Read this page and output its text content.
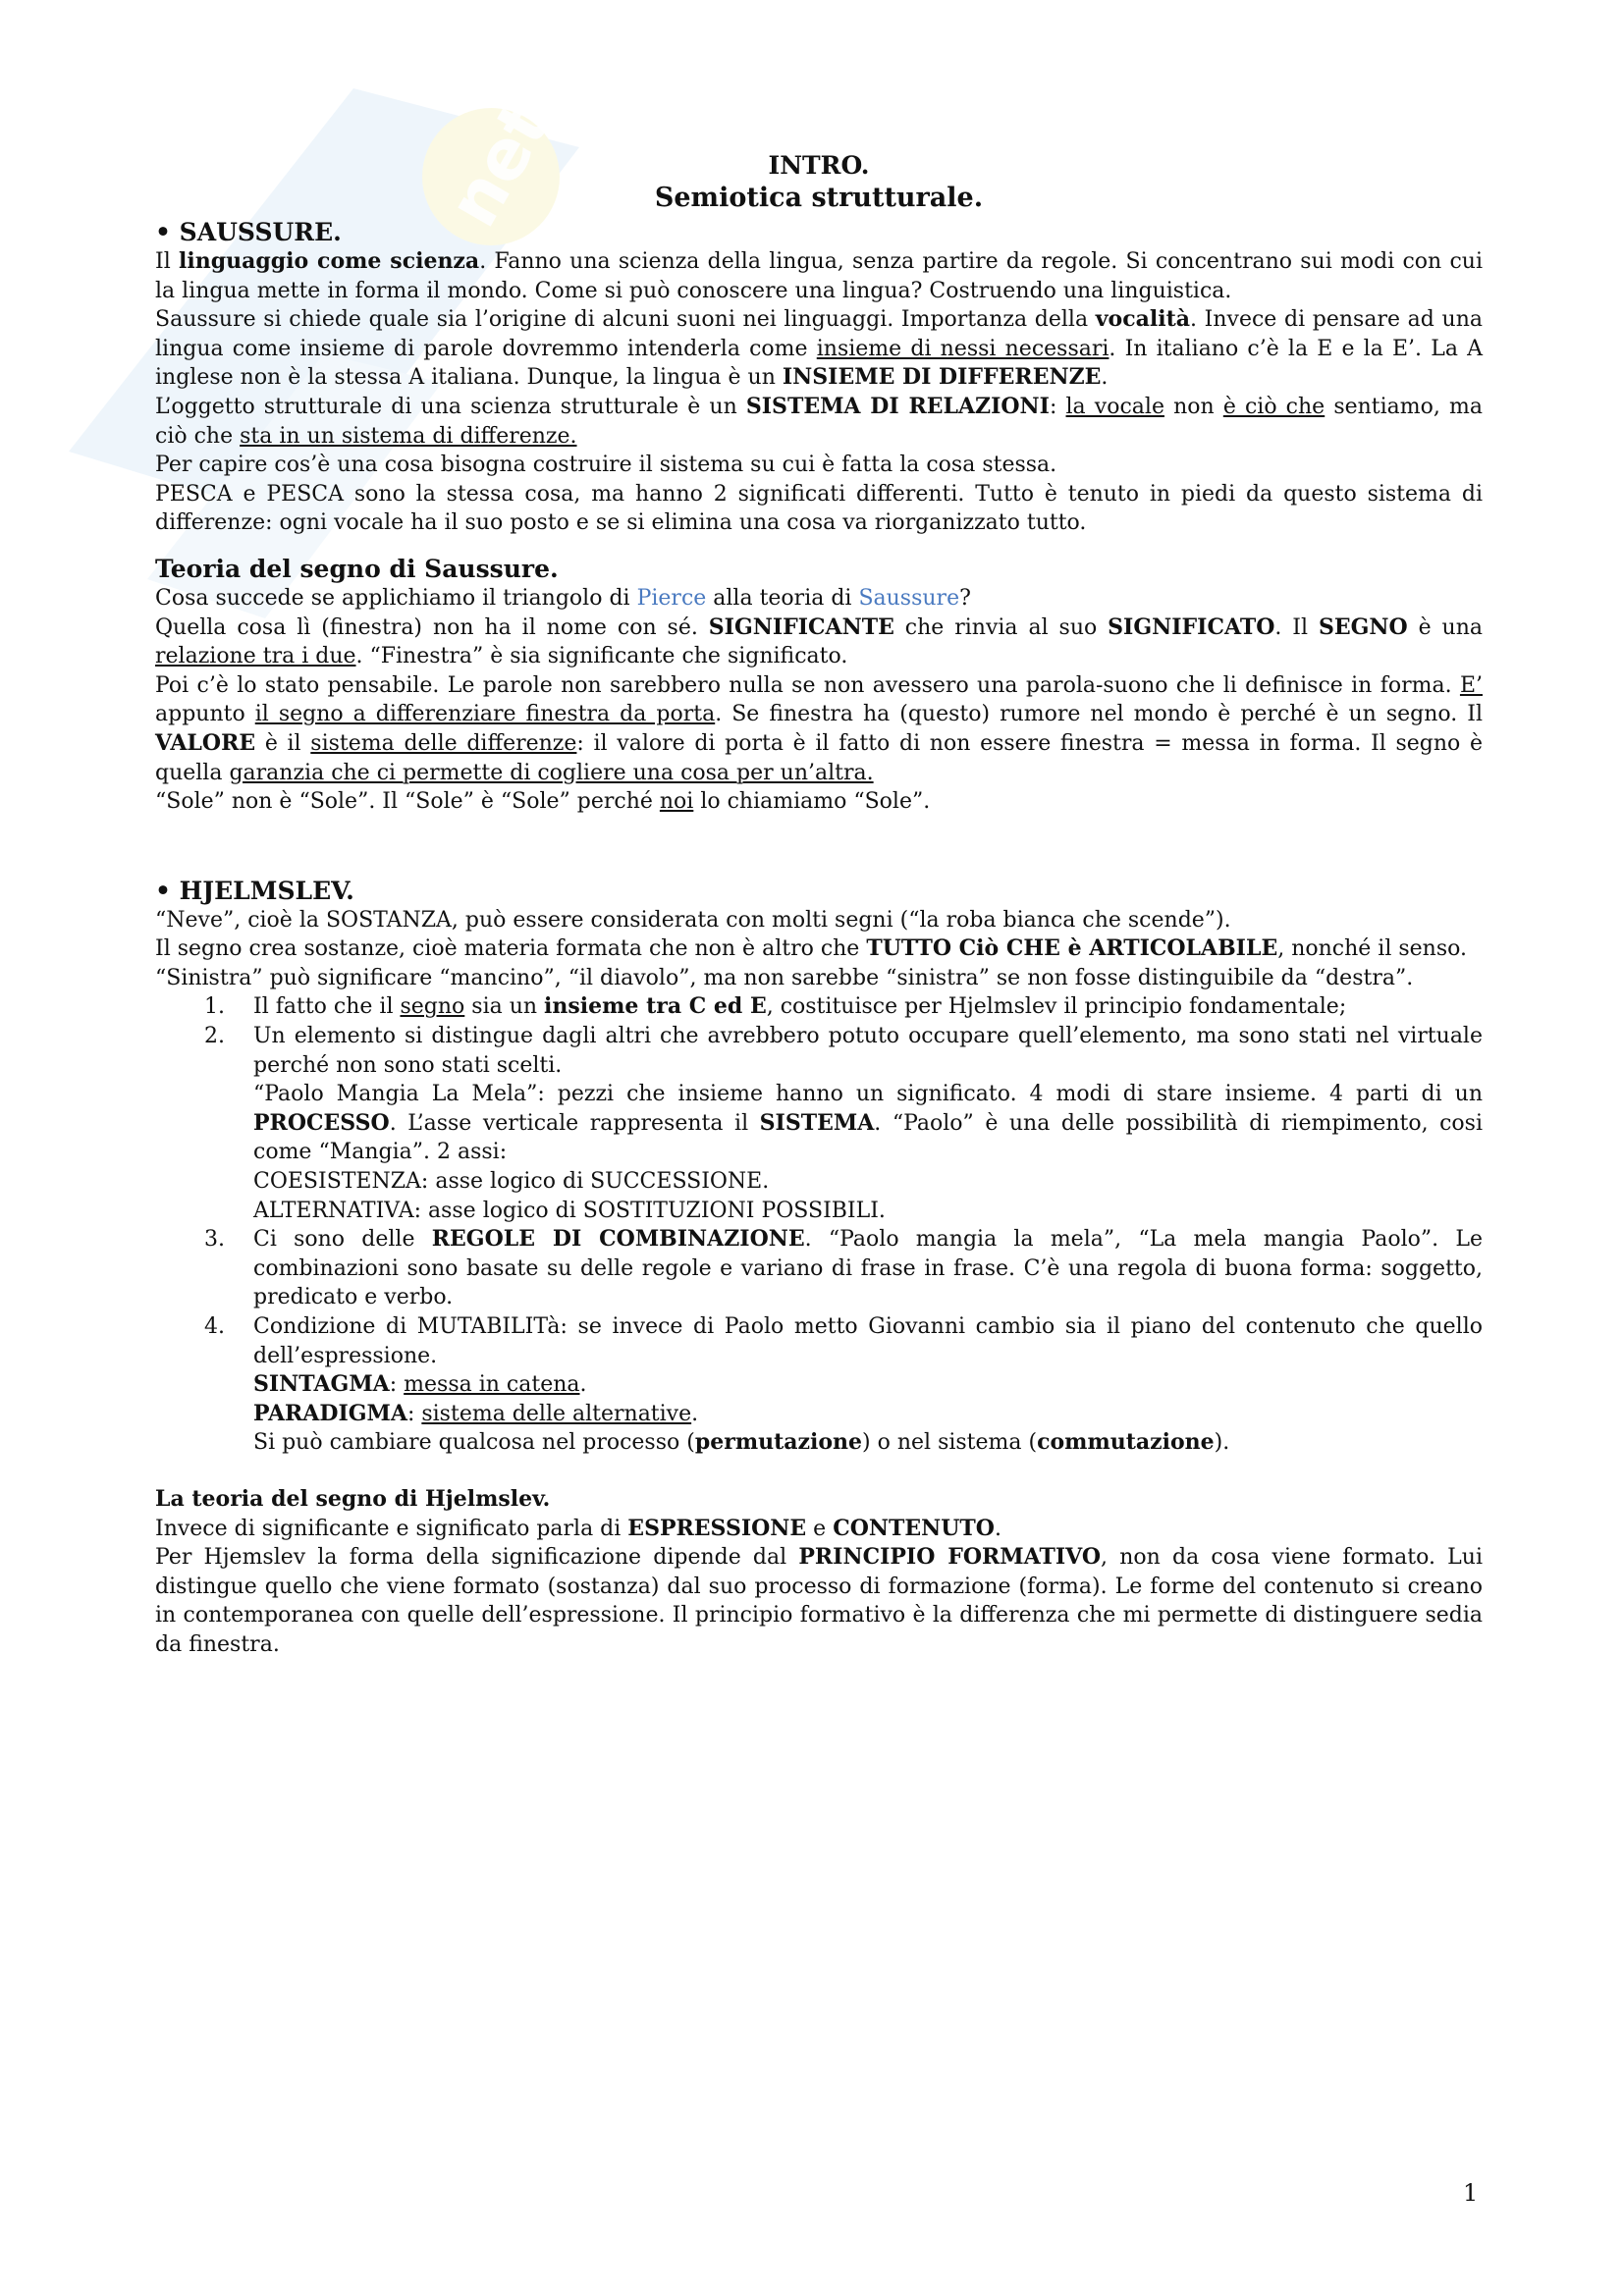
net	INTRO.
Semiotica strutturale.
• SAUSSURE.

Il linguaggio come scienza. Fanno una scienza della lingua, senza partire da regole. Si concentrano sui modi con cui la lingua mette in forma il mondo. Come si può conoscere una lingua? Costruendo una linguistica.

Saussure si chiede quale sia l’origine di alcuni suoni nei linguaggi. Importanza della vocalità. Invece di pensare ad una lingua come insieme di parole dovremmo intenderla come insieme di nessi necessari. In italiano c’è la E e la E’. La A inglese non è la stessa A italiana. Dunque, la lingua è un INSIEME DI DIFFERENZE.

L’oggetto strutturale di una scienza strutturale è un SISTEMA DI RELAZIONI: la vocale non è ciò che sentiamo, ma ciò che sta in un sistema di differenze.

Per capire cos’è una cosa bisogna costruire il sistema su cui è fatta la cosa stessa.

PESCA e PESCA sono la stessa cosa, ma hanno 2 significati differenti. Tutto è tenuto in piedi da questo sistema di differenze: ogni vocale ha il suo posto e se si elimina una cosa va riorganizzato tutto.

Teoria del segno di Saussure.

Cosa succede se applichiamo il triangolo di Pierce alla teoria di Saussure?

Quella cosa lì (finestra) non ha il nome con sé. SIGNIFICANTE che rinvia al suo SIGNIFICATO. Il SEGNO è una relazione tra i due. “Finestra” è sia significante che significato.

Poi c’è lo stato pensabile. Le parole non sarebbero nulla se non avessero una parola-suono che li definisce in forma. E’ appunto il segno a differenziare finestra da porta. Se finestra ha (questo) rumore nel mondo è perché è un segno. Il VALORE è il sistema delle differenze: il valore di porta è il fatto di non essere finestra = messa in forma. Il segno è quella garanzia che ci permette di cogliere una cosa per un’altra.

“Sole” non è “Sole”. Il “Sole” è “Sole” perché noi lo chiamiamo “Sole”.

• HJELMSLEV.

“Neve”, cioè la SOSTANZA, può essere considerata con molti segni (“la roba bianca che scende”).

Il segno crea sostanze, cioè materia formata che non è altro che TUTTO Ciò CHE è ARTICOLABILE, nonché il senso.

“Sinistra” può significare “mancino”, “il diavolo”, ma non sarebbe “sinistra” se non fosse distinguibile da “destra”.

1. Il fatto che il segno sia un insieme tra C ed E, costituisce per Hjelmslev il principio fondamentale;

2. Un elemento si distingue dagli altri che avrebbero potuto occupare quell’elemento, ma sono stati nel virtuale perché non sono stati scelti.

“Paolo Mangia La Mela”: pezzi che insieme hanno un significato. 4 modi di stare insieme. 4 parti di un PROCESSO. L’asse verticale rappresenta il SISTEMA. “Paolo” è una delle possibilità di riempimento, cosi come “Mangia”. 2 assi:

COESISTENZA: asse logico di SUCCESSIONE.

ALTERNATIVA: asse logico di SOSTITUZIONI POSSIBILI.

3. Ci sono delle REGOLE DI COMBINAZIONE. “Paolo mangia la mela”, “La mela mangia Paolo”. Le combinazioni sono basate su delle regole e variano di frase in frase. C’è una regola di buona forma: soggetto, predicato e verbo.

4. Condizione di MUTABILITà: se invece di Paolo metto Giovanni cambio sia il piano del contenuto che quello dell’espressione.

SINTAGMA: messa in catena.

PARADIGMA: sistema delle alternative.

Si può cambiare qualcosa nel processo (permutazione) o nel sistema (commutazione).

La teoria del segno di Hjelmslev.

Invece di significante e significato parla di ESPRESSIONE e CONTENUTO.

Per Hjemslev la forma della significazione dipende dal PRINCIPIO FORMATIVO, non da cosa viene formato. Lui distingue quello che viene formato (sostanza) dal suo processo di formazione (forma). Le forme del contenuto si creano in contemporanea con quelle dell’espressione. Il principio formativo è la differenza che mi permette di distinguere sedia da finestra.

1
